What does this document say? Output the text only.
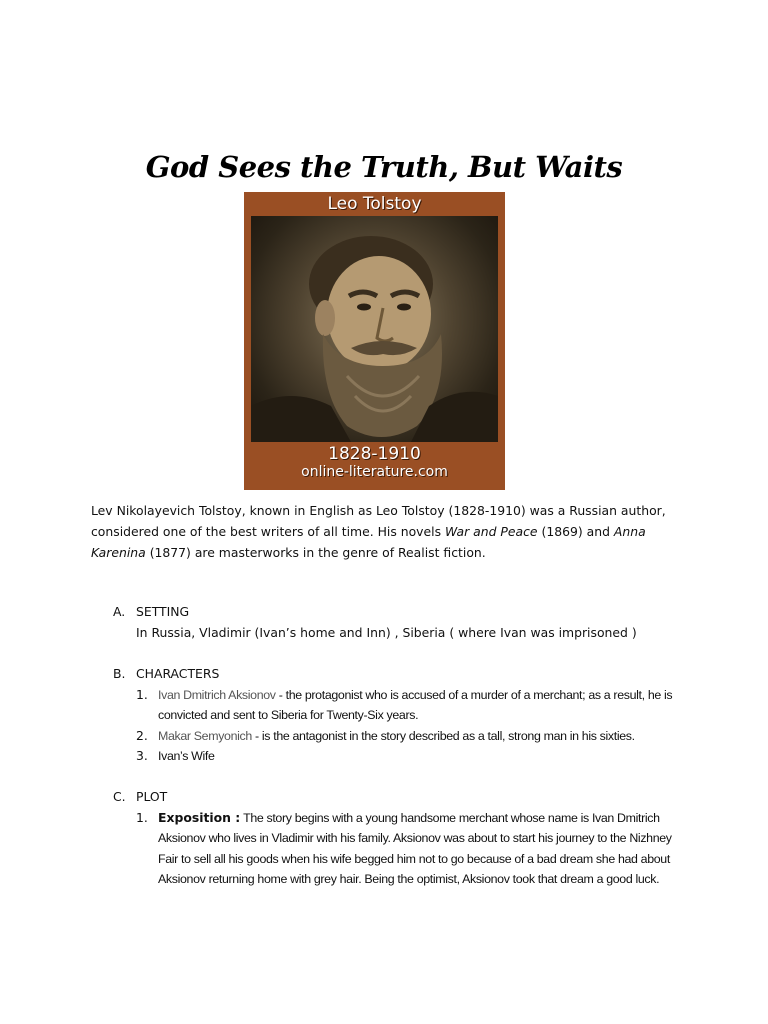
God Sees the Truth, But Waits
Leo Tolstoy
1828-1910
online-literature.com

Lev Nikolayevich Tolstoy, known in English as Leo Tolstoy (1828-1910) was a Russian author, considered one of the best writers of all time. His novels War and Peace (1869) and Anna Karenina (1877) are masterworks in the genre of Realist fiction.

A. SETTING
In Russia, Vladimir (Ivan’s home and Inn) , Siberia ( where Ivan was imprisoned )
B. CHARACTERS
1. Ivan Dmitrich Aksionov - the protagonist who is accused of a murder of a merchant; as a result, he is convicted and sent to Siberia for Twenty-Six years.
2. Makar Semyonich - is the antagonist in the story described as a tall, strong man in his sixties.
3. Ivan’s Wife
C. PLOT
1. Exposition : The story begins with a young handsome merchant whose name is Ivan Dmitrich Aksionov who lives in Vladimir with his family. Aksionov was about to start his journey to the Nizhney Fair to sell all his goods when his wife begged him not to go because of a bad dream she had about Aksionov returning home with grey hair. Being the optimist, Aksionov took that dream a good luck.
